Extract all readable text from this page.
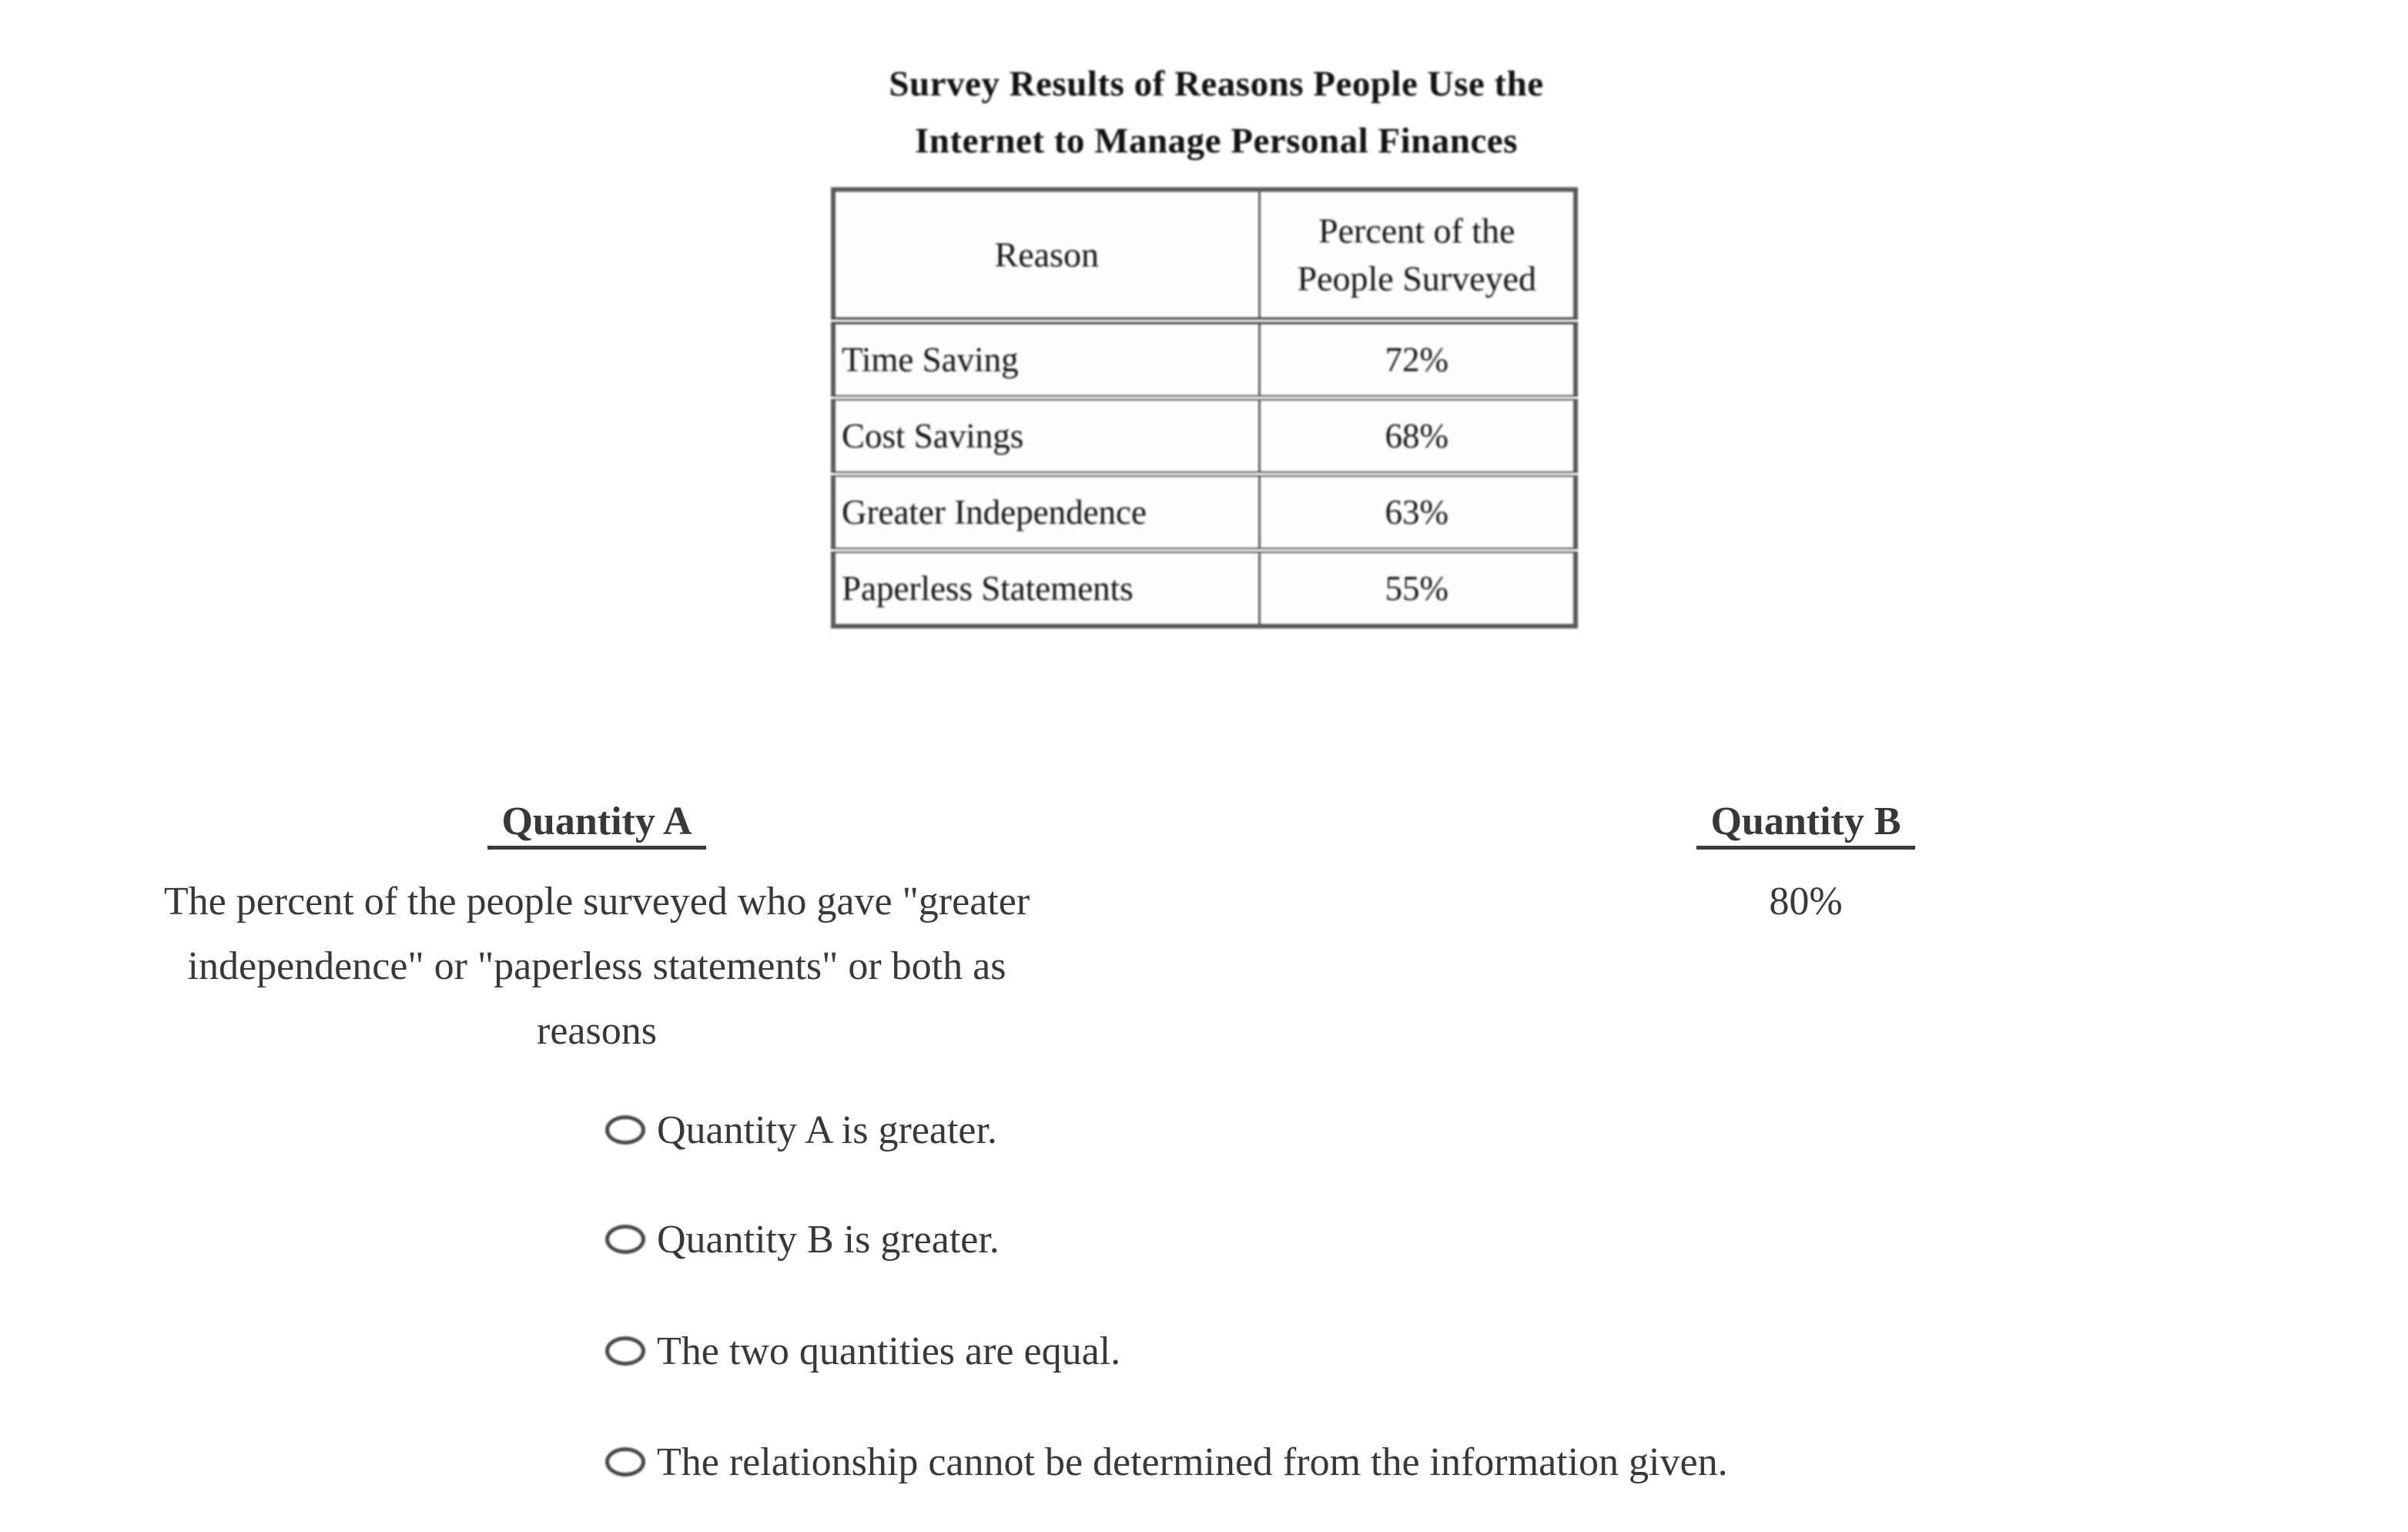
Survey Results of Reasons People Use the
Internet to Manage Personal Finances
Reason	Percent of the People Surveyed
Time Saving	72%
Cost Savings	68%
Greater Independence	63%
Paperless Statements	55%
Quantity A
The percent of the people surveyed who gave "greater
independence" or "paperless statements" or both as
reasons
Quantity B
80%
Quantity A is greater.
Quantity B is greater.
The two quantities are equal.
The relationship cannot be determined from the information given.
